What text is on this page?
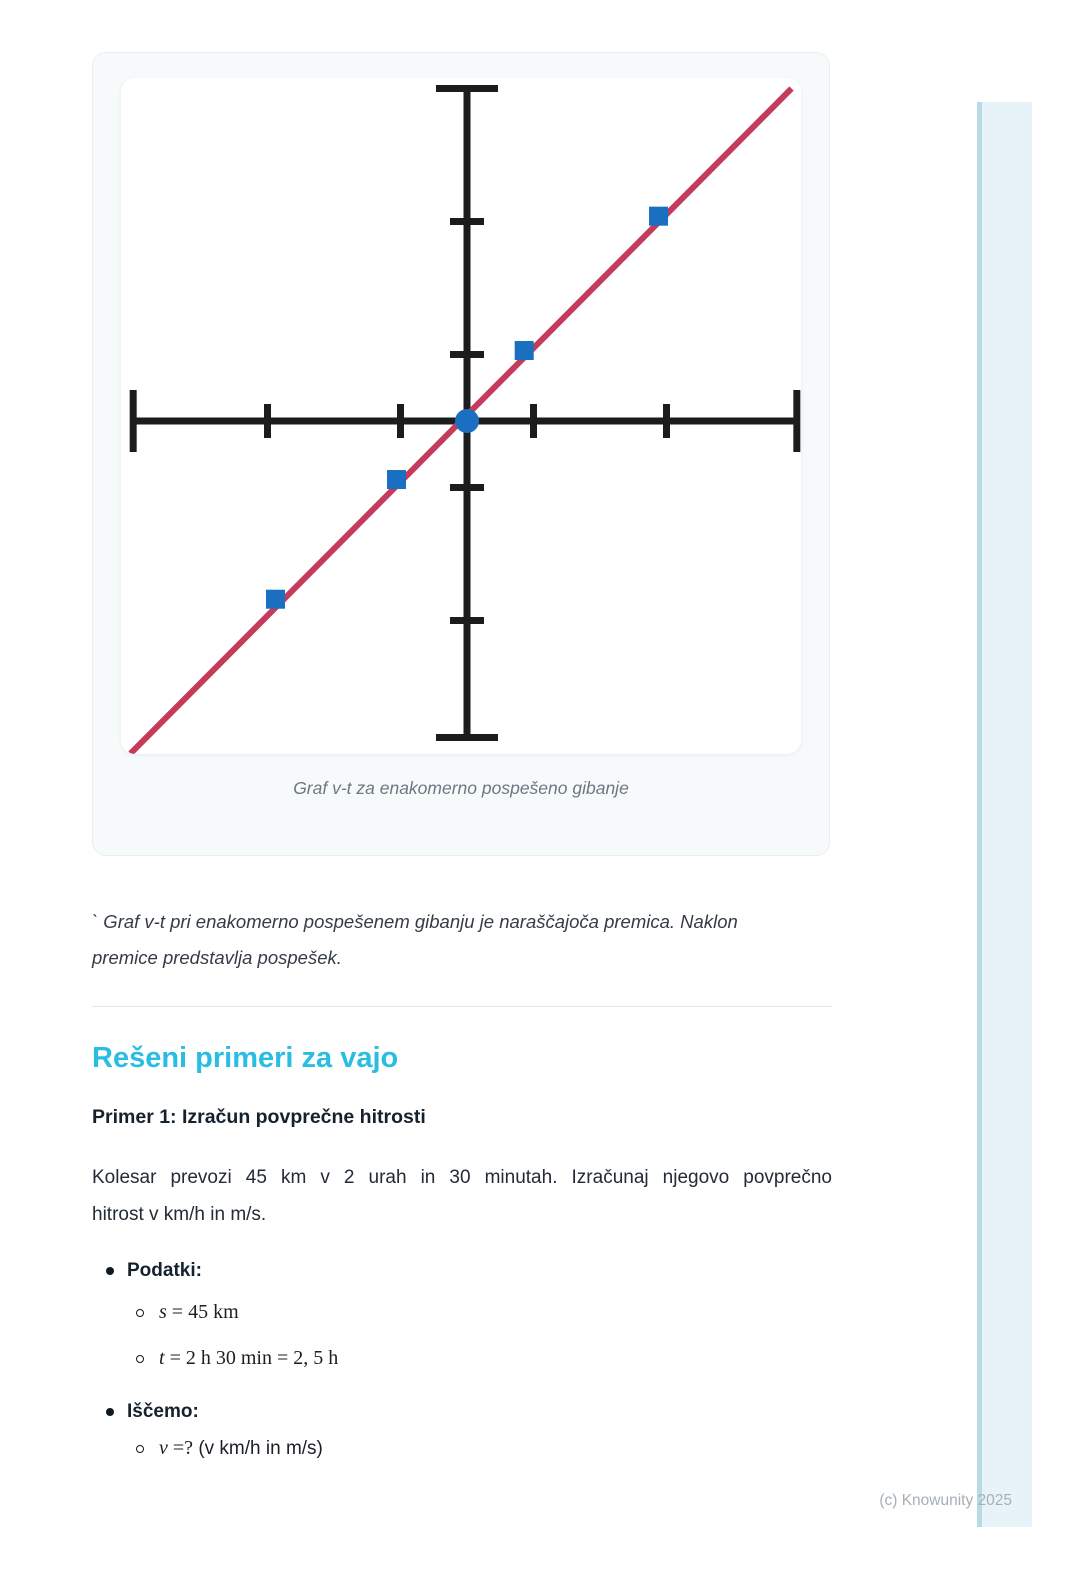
Graf v-t za enakomerno pospešeno gibanje

` Graf v-t pri enakomerno pospešenem gibanju je naraščajoča premica. Naklon
premice predstavlja pospešek.

Rešeni primeri za vajo
Primer 1: Izračun povprečne hitrosti

Kolesar prevozi 45 km v 2 urah in 30 minutah. Izračunaj njegovo povprečno
hitrost v km/h in m/s.

Podatki:
s = 45 km
t = 2 h 30 min = 2, 5 h
Iščemo:
v =? (v km/h in m/s)
(c) Knowunity 2025
